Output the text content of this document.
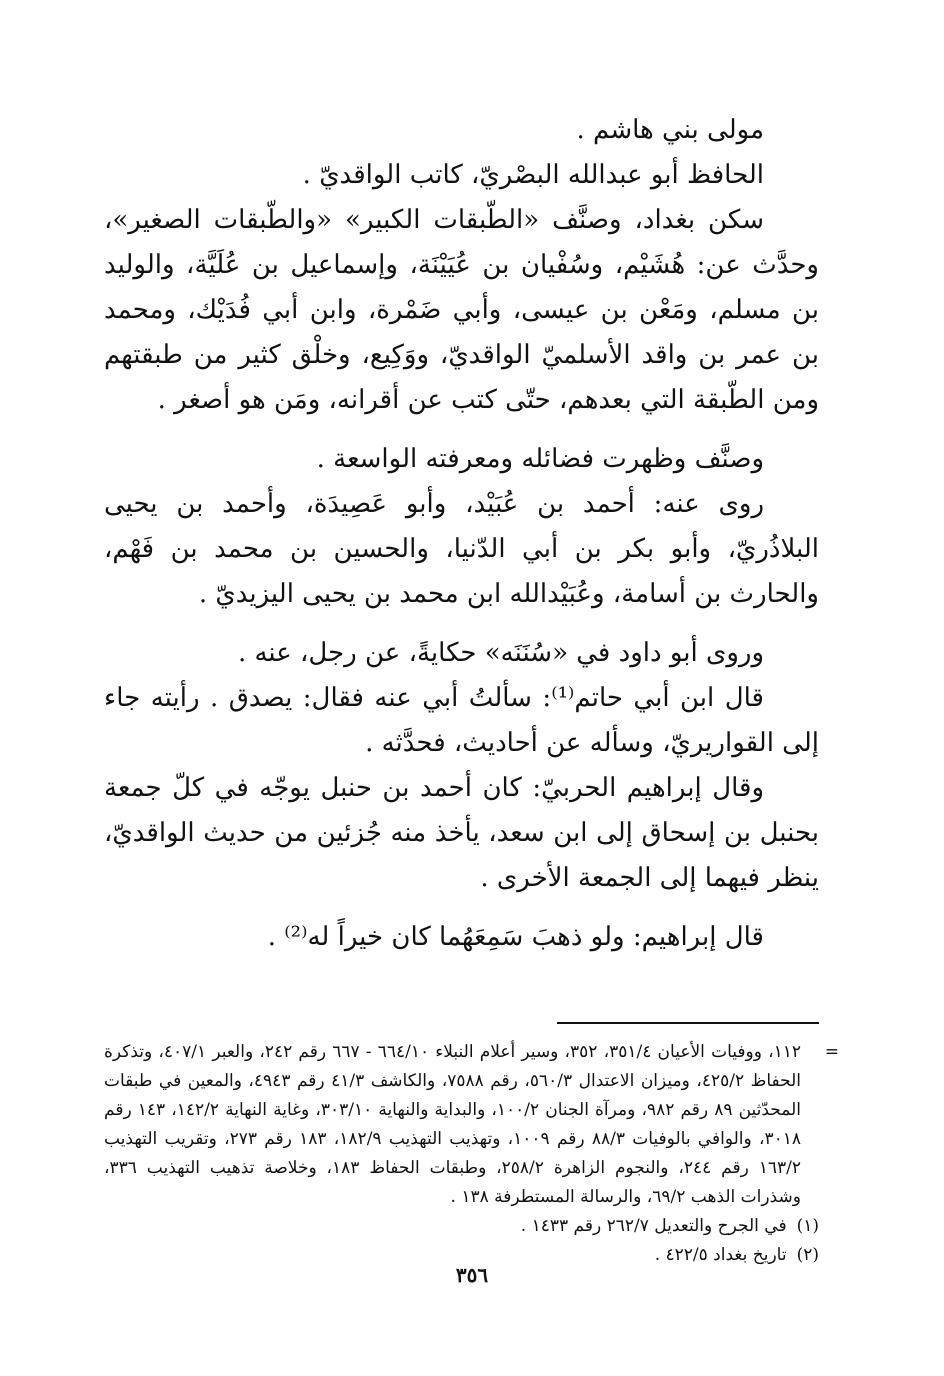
مولى بني هاشم .

الحافظ أبو عبدالله البصْريّ، كاتب الواقديّ .

سكن بغداد، وصنَّف «الطّبقات الكبير» «والطّبقات الصغير»، وحدَّث عن: هُشَيْم، وسُفْيان بن عُيَيْنَة، وإسماعيل بن عُلَيَّة، والوليد بن مسلم، ومَعْن بن عيسى، وأبي ضَمْرة، وابن أبي فُدَيْك، ومحمد بن عمر بن واقد الأسلميّ الواقديّ، ووَكِيع، وخلْق كثير من طبقتهم ومن الطّبقة التي بعدهم، حتّى كتب عن أقرانه، ومَن هو أصغر .

وصنَّف وظهرت فضائله ومعرفته الواسعة .

روى عنه: أحمد بن عُبَيْد، وأبو عَصِيدَة، وأحمد بن يحيى البلاذُريّ، وأبو بكر بن أبي الدّنيا، والحسين بن محمد بن فَهْم، والحارث بن أسامة، وعُبَيْدالله ابن محمد بن يحيى اليزيديّ .

وروى أبو داود في «سُنَنَه» حكايةً، عن رجل، عنه .

قال ابن أبي حاتم⁽¹⁾: سألتُ أبي عنه فقال: يصدق . رأيته جاء إلى القواريريّ، وسأله عن أحاديث، فحدَّثه .

وقال إبراهيم الحربيّ: كان أحمد بن حنبل يوجّه في كلّ جمعة بحنبل بن إسحاق إلى ابن سعد، يأخذ منه جُزئين من حديث الواقديّ، ينظر فيهما إلى الجمعة الأخرى .

قال إبراهيم: ولو ذهبَ سَمِعَهُما كان خيراً له⁽²⁾ .

=
١١٢، ووفيات الأعيان ٣٥١/٤، ٣٥٢، وسير أعلام النبلاء ٦٦٤/١٠ - ٦٦٧ رقم ٢٤٢، والعبر ٤٠٧/١، وتذكرة الحفاظ ٤٢٥/٢، وميزان الاعتدال ٥٦٠/٣، رقم ٧٥٨٨، والكاشف ٤١/٣ رقم ٤٩٤٣، والمعين في طبقات المحدّثين ٨٩ رقم ٩٨٢، ومرآة الجنان ١٠٠/٢، والبداية والنهاية ٣٠٣/١٠، وغاية النهاية ١٤٢/٢، ١٤٣ رقم ٣٠١٨، والوافي بالوفيات ٨٨/٣ رقم ١٠٠٩، وتهذيب التهذيب ١٨٢/٩، ١٨٣ رقم ٢٧٣، وتقريب التهذيب ١٦٣/٢ رقم ٢٤٤، والنجوم الزاهرة ٢٥٨/٢، وطبقات الحفاظ ١٨٣، وخلاصة تذهيب التهذيب ٣٣٦، وشذرات الذهب ٦٩/٢، والرسالة المستطرفة ١٣٨ .
(١)
في الجرح والتعديل ٢٦٢/٧ رقم ١٤٣٣ .
(٢)
تاريخ بغداد ٤٢٢/٥ .
٣٥٦
